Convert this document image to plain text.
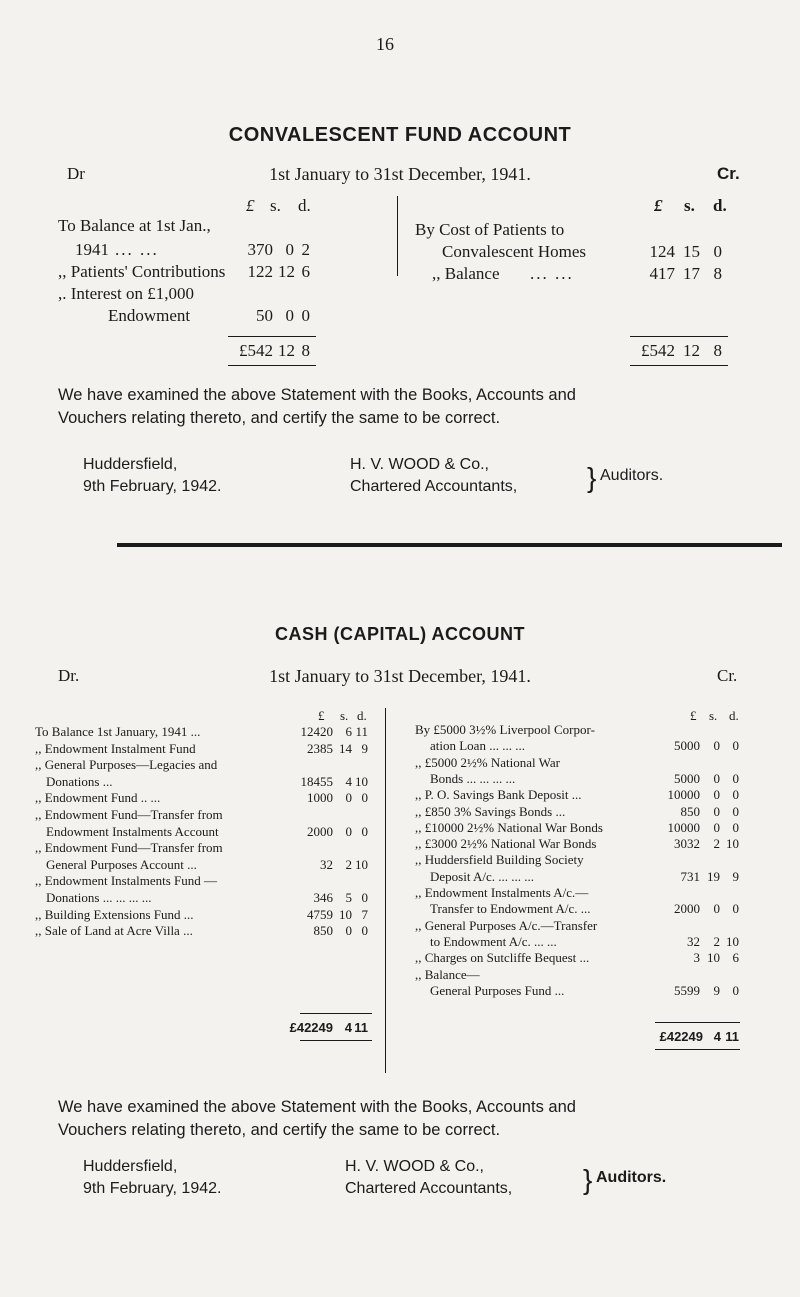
16
CONVALESCENT FUND ACCOUNT
Dr	1st January to 31st December, 1941.	Cr.
£ s. d.
To Balance at 1st Jan.,
1941 ... ...	370 0 2
,, Patients' Contributions	122 12 6
,. Interest on £1,000
Endowment	50 0 0
£542 12 8
£ s. d.
By Cost of Patients to
Convalescent Homes	124 15 0
,, Balance ... ...	417 17 8
£542 12 8
We have examined the above Statement with the Books, Accounts and
Vouchers relating thereto, and certify the same to be correct.
Huddersfield,
9th February, 1942.
H. V. WOOD & Co.,
Chartered Accountants, } Auditors.
CASH (CAPITAL) ACCOUNT
Dr.	1st January to 31st December, 1941.	Cr.
£ s. d.
To Balance 1st January, 1941 ...	12420 6 11
,, Endowment Instalment Fund	2385 14 9
,, General Purposes—Legacies and
Donations ...	18455 4 10
,, Endowment Fund .. ...	1000 0 0
,, Endowment Fund—Transfer from
Endowment Instalments Account	2000 0 0
,, Endowment Fund—Transfer from
General Purposes Account ...	32 2 10
,, Endowment Instalments Fund —
Donations ... ... ... ...	346 5 0
,, Building Extensions Fund ...	4759 10 7
,, Sale of Land at Acre Villa ...	850 0 0
£42249 4 11
£ s. d.
By £5000 3½% Liverpool Corpor-
ation Loan ... ... ...	5000	0 0
,, £5000 2½% National War
Bonds ... ... ... ...	5000	0 0
,, P. O. Savings Bank Deposit ...	10000	0 0
,, £850 3% Savings Bonds ...	850	0 0
,, £10000 2½% National War Bonds	10000	0 0
,, £3000 2½% National War Bonds	3032	2 10
,, Huddersfield Building Society
Deposit A/c. ... ... ...	731 19 9
,, Endowment Instalments A/c.—
Transfer to Endowment A/c. ...	2000	0 0
,, General Purposes A/c.—Transfer
to Endowment A/c. ... ...	32	2 10
,, Charges on Sutcliffe Bequest ...	3 10 6
,, Balance—
General Purposes Fund ...	5599	9 0
£42249 4 11
We have examined the above Statement with the Books, Accounts and
Vouchers relating thereto, and certify the same to be correct.
Huddersfield,
9th February, 1942.
H. V. WOOD & Co.,
Chartered Accountants,	} Auditors.
